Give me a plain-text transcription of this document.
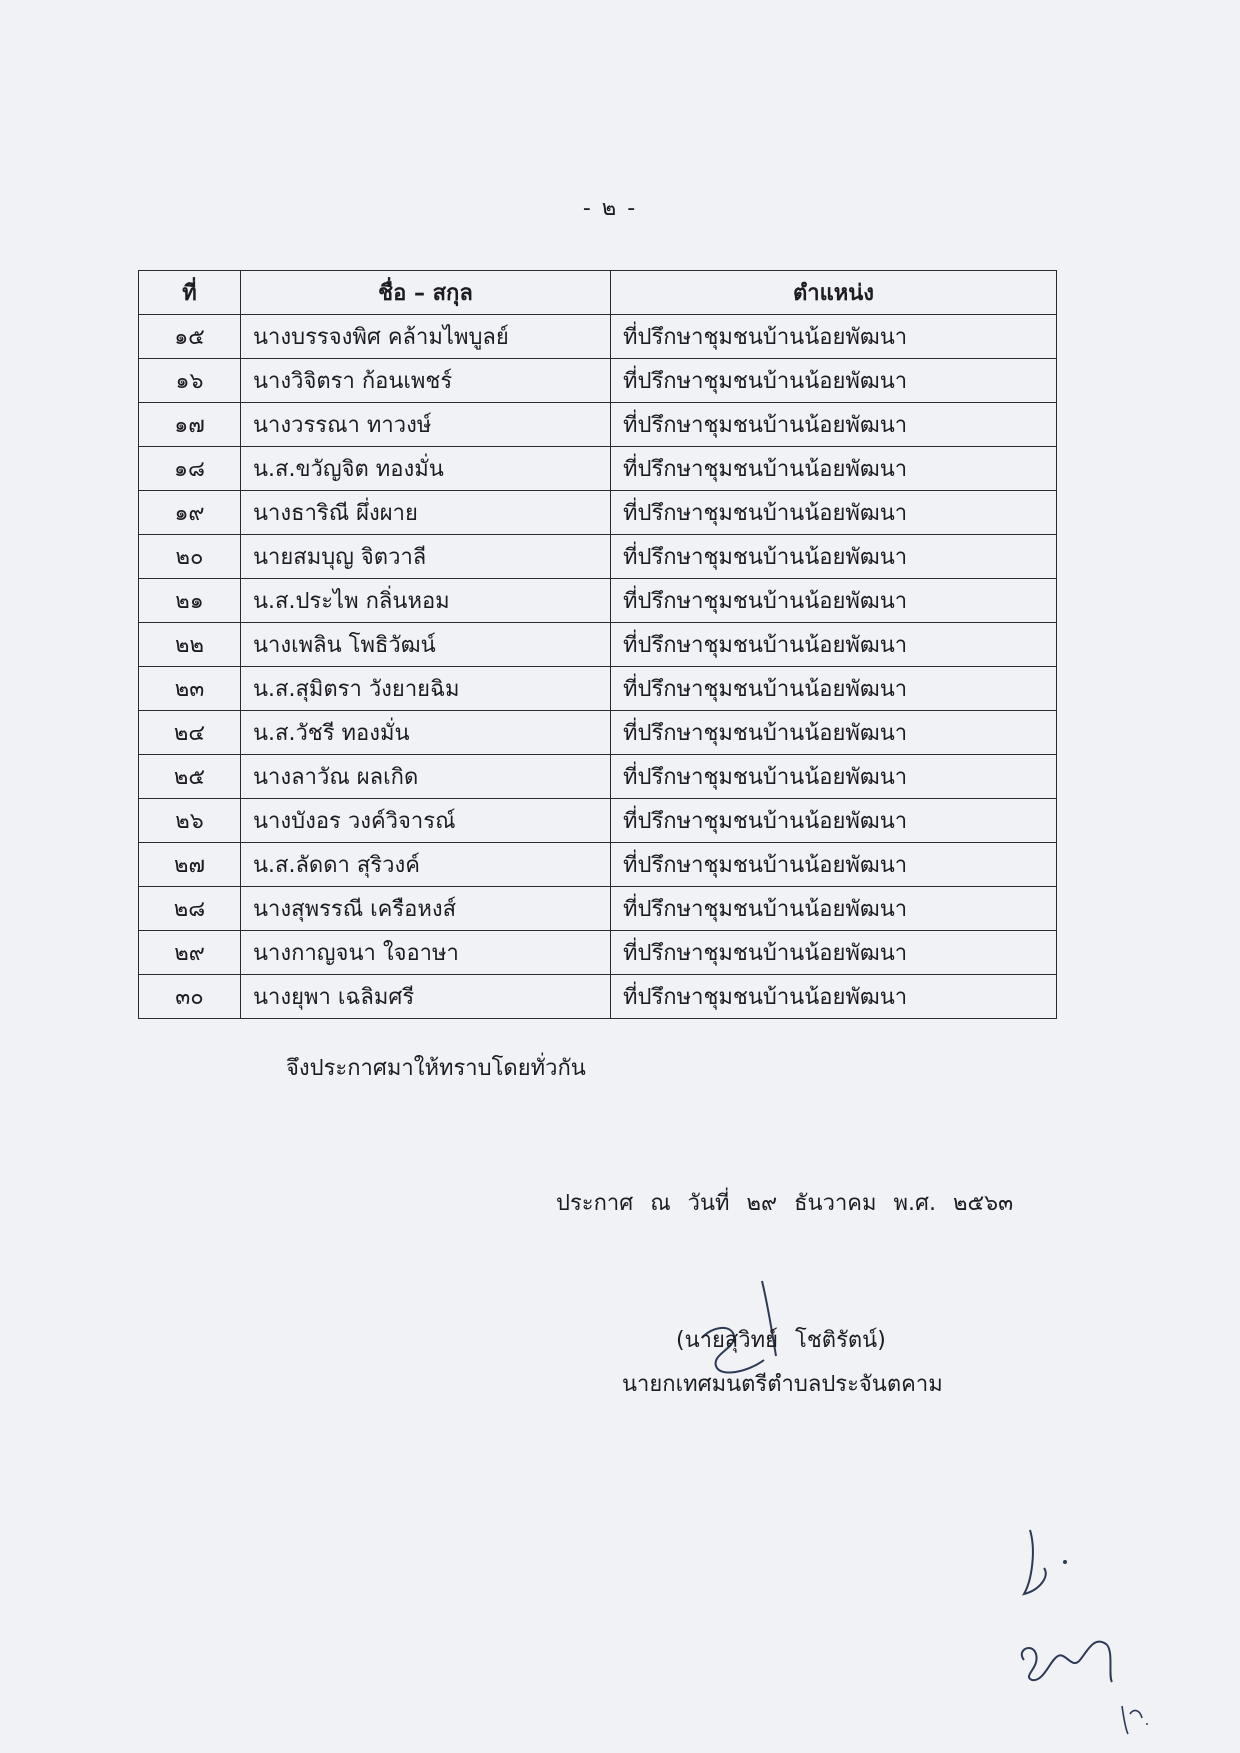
- ๒ -
ที่	ชื่อ – สกุล	ตำแหน่ง
๑๕	นางบรรจงพิศ คล้ามไพบูลย์	ที่ปรึกษาชุมชนบ้านน้อยพัฒนา
๑๖	นางวิจิตรา ก้อนเพชร์	ที่ปรึกษาชุมชนบ้านน้อยพัฒนา
๑๗	นางวรรณา ทาวงษ์	ที่ปรึกษาชุมชนบ้านน้อยพัฒนา
๑๘	น.ส.ขวัญจิต ทองมั่น	ที่ปรึกษาชุมชนบ้านน้อยพัฒนา
๑๙	นางธาริณี ผึ่งผาย	ที่ปรึกษาชุมชนบ้านน้อยพัฒนา
๒๐	นายสมบุญ จิตวาลี	ที่ปรึกษาชุมชนบ้านน้อยพัฒนา
๒๑	น.ส.ประไพ กลิ่นหอม	ที่ปรึกษาชุมชนบ้านน้อยพัฒนา
๒๒	นางเพลิน โพธิวัฒน์	ที่ปรึกษาชุมชนบ้านน้อยพัฒนา
๒๓	น.ส.สุมิตรา วังยายฉิม	ที่ปรึกษาชุมชนบ้านน้อยพัฒนา
๒๔	น.ส.วัชรี ทองมั่น	ที่ปรึกษาชุมชนบ้านน้อยพัฒนา
๒๕	นางลาวัณ ผลเกิด	ที่ปรึกษาชุมชนบ้านน้อยพัฒนา
๒๖	นางบังอร วงค์วิจารณ์	ที่ปรึกษาชุมชนบ้านน้อยพัฒนา
๒๗	น.ส.ลัดดา สุริวงค์	ที่ปรึกษาชุมชนบ้านน้อยพัฒนา
๒๘	นางสุพรรณี เครือหงส์	ที่ปรึกษาชุมชนบ้านน้อยพัฒนา
๒๙	นางกาญจนา ใจอาษา	ที่ปรึกษาชุมชนบ้านน้อยพัฒนา
๓๐	นางยุพา เฉลิมศรี	ที่ปรึกษาชุมชนบ้านน้อยพัฒนา
จึงประกาศมาให้ทราบโดยทั่วกัน
ประกาศ ณ วันที่ ๒๙ ธันวาคม พ.ศ. ๒๕๖๓
(นายสุวิทย์ โชติรัตน์)
นายกเทศมนตรีตำบลประจันตคาม
